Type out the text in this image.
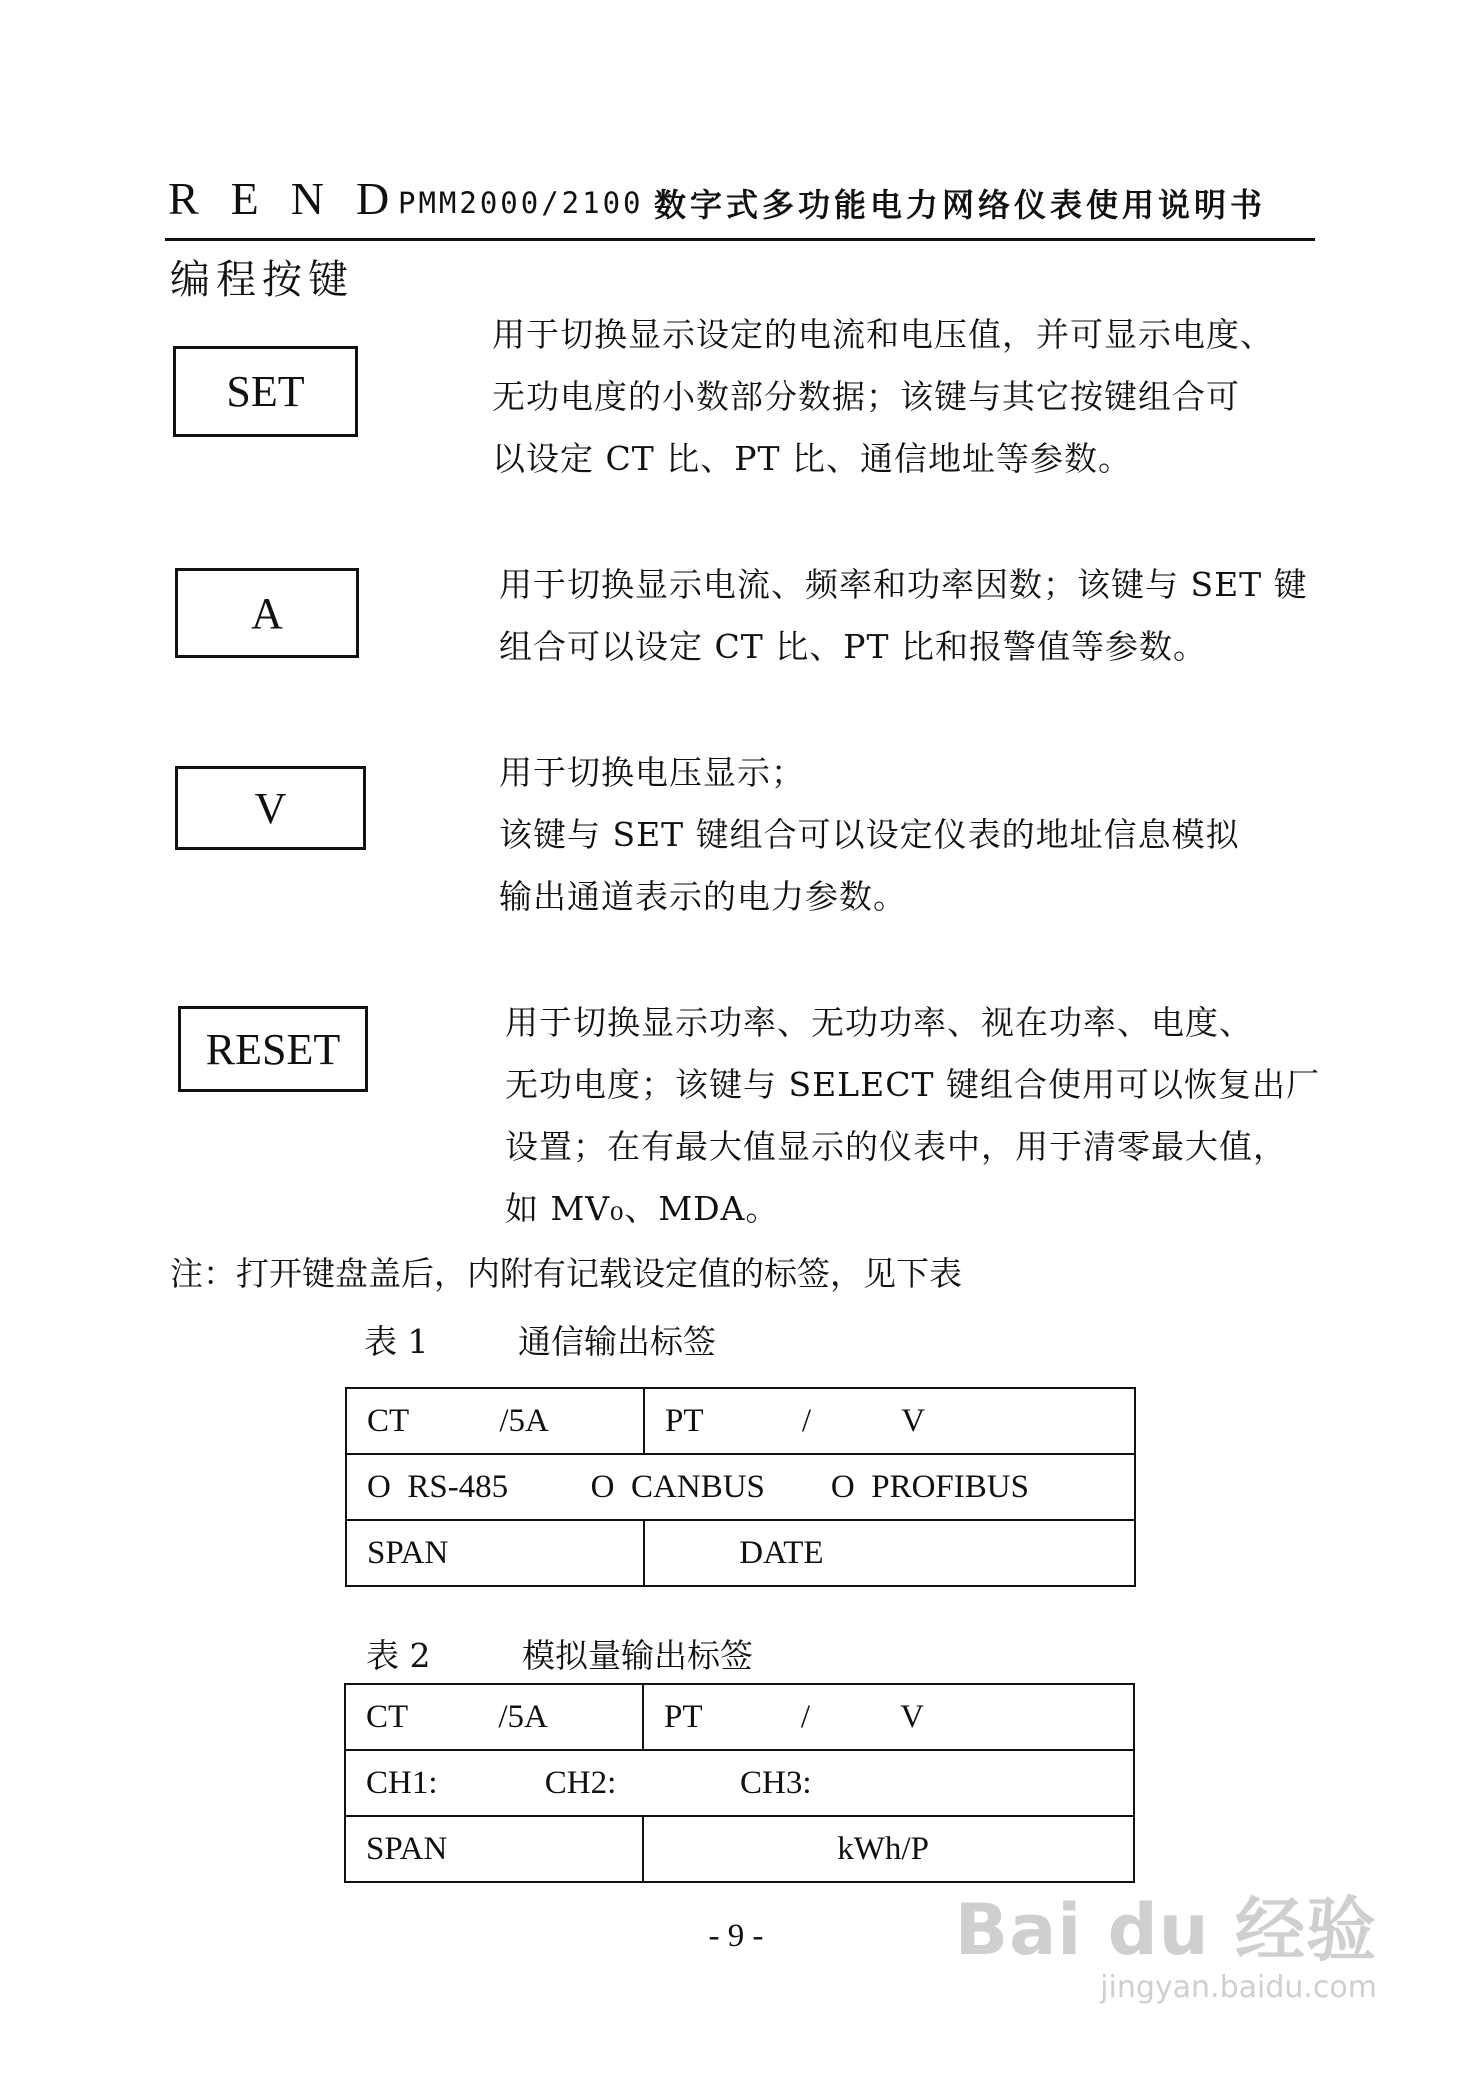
REND
PMM2000/2100 数字式多功能电力网络仪表使用说明书
编程按键
SET
用于切换显示设定的电流和电压值，并可显示电度、
无功电度的小数部分数据；该键与其它按键组合可
以设定 CT 比、PT 比、通信地址等参数。
A
用于切换显示电流、频率和功率因数；该键与 SET 键
组合可以设定 CT 比、PT 比和报警值等参数。
V
用于切换电压显示；
该键与 SET 键组合可以设定仪表的地址信息模拟
输出通道表示的电力参数。
RESET
用于切换显示功率、无功功率、视在功率、电度、
无功电度；该键与 SELECT 键组合使用可以恢复出厂
设置；在有最大值显示的仪表中，用于清零最大值，
如 MV₀、MDA。
注：打开键盘盖后，内附有记载设定值的标签，见下表
表 1	通信输出标签
CT           /5A	PT            /           V
O  RS-485          O  CANBUS        O  PROFIBUS	
SPAN	DATE
表 2	模拟量输出标签
CT           /5A	PT            /           V
CH1:             CH2:               CH3:	
SPAN	kWh/P
- 9 -	Bai du 经验
jingyan.baidu.com
